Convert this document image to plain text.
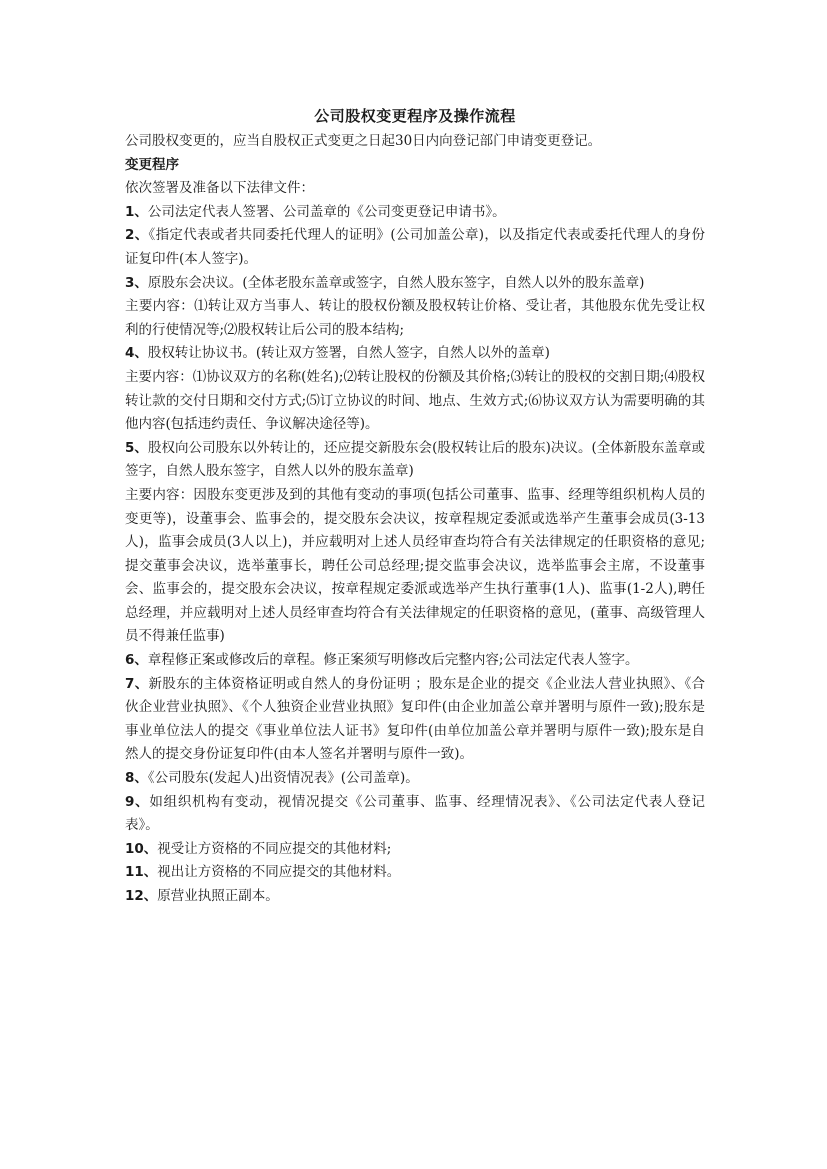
公司股权变更程序及操作流程

公司股权变更的，应当自股权正式变更之日起30日内向登记部门申请变更登记。

变更程序

依次签署及准备以下法律文件：

1、公司法定代表人签署、公司盖章的《公司变更登记申请书》。

2、《指定代表或者共同委托代理人的证明》(公司加盖公章)，以及指定代表或委托代理人的身份证复印件(本人签字)。

3、原股东会决议。(全体老股东盖章或签字，自然人股东签字，自然人以外的股东盖章)

主要内容：⑴转让双方当事人、转让的股权份额及股权转让价格、受让者，其他股东优先受让权利的行使情况等;⑵股权转让后公司的股本结构;

4、股权转让协议书。(转让双方签署，自然人签字，自然人以外的盖章)

主要内容：⑴协议双方的名称(姓名);⑵转让股权的份额及其价格;⑶转让的股权的交割日期;⑷股权转让款的交付日期和交付方式;⑸订立协议的时间、地点、生效方式;⑹协议双方认为需要明确的其他内容(包括违约责任、争议解决途径等)。

5、股权向公司股东以外转让的，还应提交新股东会(股权转让后的股东)决议。(全体新股东盖章或签字，自然人股东签字，自然人以外的股东盖章)

主要内容：因股东变更涉及到的其他有变动的事项(包括公司董事、监事、经理等组织机构人员的变更等)，设董事会、监事会的，提交股东会决议，按章程规定委派或选举产生董事会成员(3-13人)，监事会成员(3人以上)，并应载明对上述人员经审查均符合有关法律规定的任职资格的意见;提交董事会决议，选举董事长，聘任公司总经理;提交监事会决议，选举监事会主席，不设董事会、监事会的，提交股东会决议，按章程规定委派或选举产生执行董事(1人)、监事(1-2人),聘任总经理，并应载明对上述人员经审查均符合有关法律规定的任职资格的意见，(董事、高级管理人员不得兼任监事)

6、章程修正案或修改后的章程。修正案须写明修改后完整内容;公司法定代表人签字。

7、新股东的主体资格证明或自然人的身份证明 ；股东是企业的提交《企业法人营业执照》、《合伙企业营业执照》、《个人独资企业营业执照》复印件(由企业加盖公章并署明与原件一致);股东是事业单位法人的提交《事业单位法人证书》复印件(由单位加盖公章并署明与原件一致);股东是自然人的提交身份证复印件(由本人签名并署明与原件一致)。

8、《公司股东(发起人)出资情况表》(公司盖章)。

9、如组织机构有变动，视情况提交《公司董事、监事、经理情况表》、《公司法定代表人登记表》。

10、视受让方资格的不同应提交的其他材料;

11、视出让方资格的不同应提交的其他材料。

12、原营业执照正副本。
